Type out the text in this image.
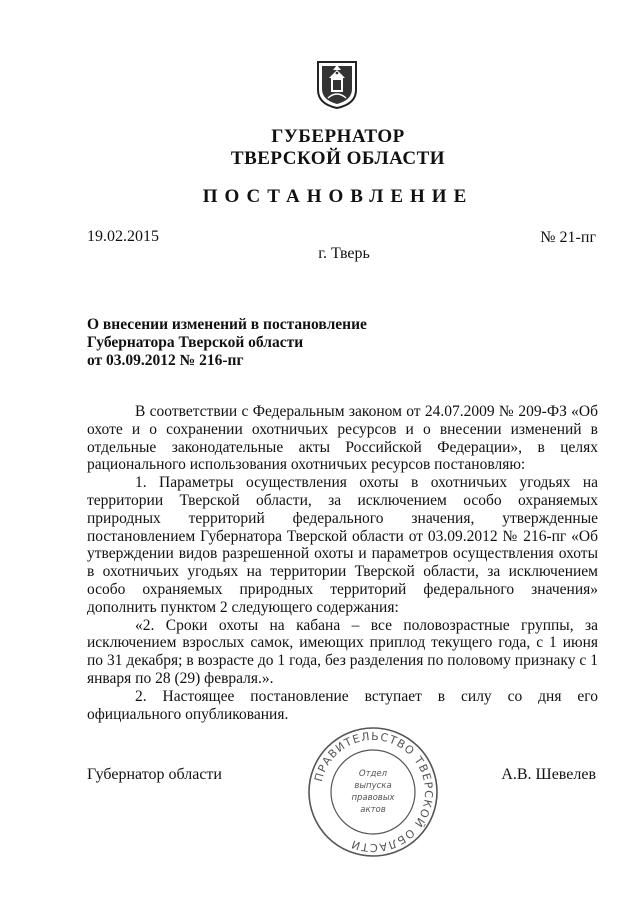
ГУБЕРНАТОР
ТВЕРСКОЙ ОБЛАСТИ
ПОСТАНОВЛЕНИЕ
19.02.2015	№ 21-пг
г. Тверь
О внесении изменений в постановление
Губернатора Тверской области
от 03.09.2012 № 216-пг

В соответствии с Федеральным законом от 24.07.2009 № 209-ФЗ «Об охоте и о сохранении охотничьих ресурсов и о внесении изменений в отдельные законодательные акты Российской Федерации», в целях рационального использования охотничьих ресурсов постановляю:

1. Параметры осуществления охоты в охотничьих угодьях на территории Тверской области, за исключением особо охраняемых природных территорий федерального значения, утвержденные постановлением Губернатора Тверской области от 03.09.2012 № 216-пг «Об утверждении видов разрешенной охоты и параметров осуществления охоты в охотничьих угодьях на территории Тверской области, за исключением особо охраняемых природных территорий федерального значения» дополнить пунктом 2 следующего содержания:

«2. Сроки охоты на кабана – все половозрастные группы, за исключением взрослых самок, имеющих приплод текущего года, с 1 июня по 31 декабря; в возрасте до 1 года, без разделения по половому признаку с 1 января по 28 (29) февраля.».

2. Настоящее постановление вступает в силу со дня его официального опубликования.

Губернатор области	А.В. Шевелев
ПРАВИТЕЛЬСТВО ТВЕРСКОЙ ОБЛАСТИ
Отдел
выпуска
правовых
актов
